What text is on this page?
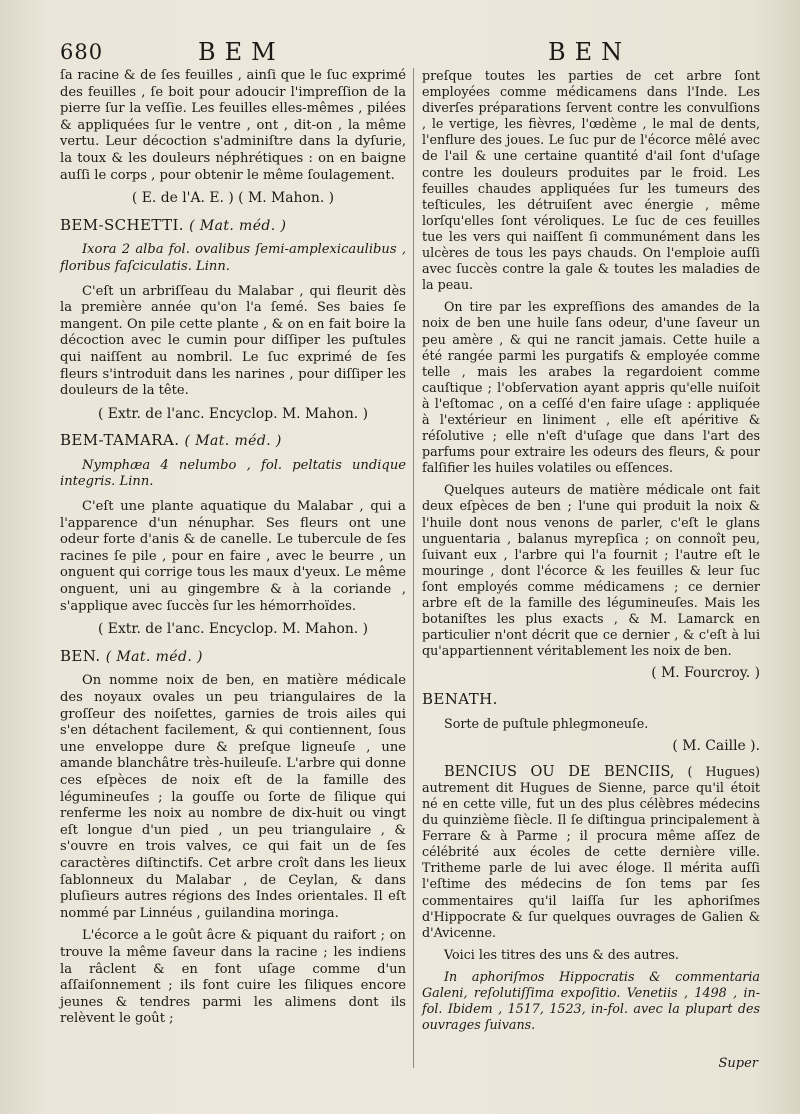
680	BEM	BEN

ſa racine & de ſes feuilles , ainſi que le ſuc exprimé des feuilles , ſe boit pour adoucir l'impreſſion de la pierre ſur la veſſie. Les feuilles elles-mêmes , pilées & appliquées ſur le ventre , ont , dit-on , la même vertu. Leur décoction s'adminiſtre dans la dyſurie, la toux & les douleurs néphrétiques : on en baigne auſſi le corps , pour obtenir le même ſoulagement.

( E. de l'A. E. ) ( M. Mahon. )

BEM-SCHETTI. ( Mat. méd. )

Ixora 2 alba fol. ovalibus ſemi-amplexicaulibus , floribus faſciculatis. Linn.

C'eſt un arbriſſeau du Malabar , qui fleurit dès la première année qu'on l'a ſemé. Ses baies ſe mangent. On pile cette plante , & on en fait boire la décoction avec le cumin pour diſſiper les puſtules qui naiſſent au nombril. Le ſuc exprimé de ſes fleurs s'introduit dans les narines , pour diſſiper les douleurs de la tête.

( Extr. de l'anc. Encyclop. M. Mahon. )

BEM-TAMARA. ( Mat. méd. )

Nymphæa 4 nelumbo , fol. peltatis undique integris. Linn.

C'eſt une plante aquatique du Malabar , qui a l'apparence d'un nénuphar. Ses fleurs ont une odeur forte d'anis & de canelle. Le tubercule de ſes racines ſe pile , pour en faire , avec le beurre , un onguent qui corrige tous les maux d'yeux. Le même onguent, uni au gingembre & à la coriande , s'applique avec ſuccès ſur les hémorrhoïdes.

( Extr. de l'anc. Encyclop. M. Mahon. )

BEN. ( Mat. méd. )

On nomme noix de ben, en matière médicale des noyaux ovales un peu triangulaires de la groſſeur des noiſettes, garnies de trois ailes qui s'en détachent facilement, & qui contiennent, ſous une enveloppe dure & preſque ligneuſe , une amande blanchâtre très-huileuſe. L'arbre qui donne ces eſpèces de noix eſt de la famille des légumineuſes ; la gouſſe ou ſorte de ſilique qui renferme les noix au nombre de dix-huit ou vingt eſt longue d'un pied , un peu triangulaire , & s'ouvre en trois valves, ce qui fait un de ſes caractères diſtinctifs. Cet arbre croît dans les lieux ſablonneux du Malabar , de Ceylan, & dans pluſieurs autres régions des Indes orientales. Il eſt nommé par Linnéus , guilandina moringa.

L'écorce a le goût âcre & piquant du raifort ; on trouve la même ſaveur dans la racine ; les indiens la râclent & en font uſage comme d'un aſſaiſonnement ; ils font cuire les ſiliques encore jeunes & tendres parmi les alimens dont ils relèvent le goût ;

preſque toutes les parties de cet arbre ſont employées comme médicamens dans l'Inde. Les diverſes préparations ſervent contre les convulſions , le vertige, les fièvres, l'œdème , le mal de dents, l'enflure des joues. Le ſuc pur de l'écorce mêlé avec de l'ail & une certaine quantité d'ail ſont d'uſage contre les douleurs produites par le froid. Les feuilles chaudes appliquées ſur les tumeurs des teſticules, les détruiſent avec énergie , même lorſqu'elles ſont véroliques. Le ſuc de ces feuilles tue les vers qui naiſſent ſi communément dans les ulcères de tous les pays chauds. On l'emploie auſſi avec ſuccès contre la gale & toutes les maladies de la peau.

On tire par les expreſſions des amandes de la noix de ben une huile ſans odeur, d'une ſaveur un peu amère , & qui ne rancit jamais. Cette huile a été rangée parmi les purgatifs & employée comme telle , mais les arabes la regardoient comme cauſtique ; l'obſervation ayant appris qu'elle nuiſoit à l'eſtomac , on a ceſſé d'en faire uſage : appliquée à l'extérieur en liniment , elle eſt apéritive & réſolutive ; elle n'eſt d'uſage que dans l'art des parfums pour extraire les odeurs des fleurs, & pour falſifier les huiles volatiles ou eſſences.

Quelques auteurs de matière médicale ont fait deux eſpèces de ben ; l'une qui produit la noix & l'huile dont nous venons de parler, c'eſt le glans unguentaria , balanus myrepſica ; on connoît peu, ſuivant eux , l'arbre qui l'a fournit ; l'autre eſt le mouringe , dont l'écorce & les feuilles & leur ſuc ſont employés comme médicamens ; ce dernier arbre eſt de la famille des légumineuſes. Mais les botaniſtes les plus exacts , & M. Lamarck en particulier n'ont décrit que ce dernier , & c'eſt à lui qu'appartiennent véritablement les noix de ben.

( M. Fourcroy. )

BENATH.

Sorte de puſtule phlegmoneuſe.

( M. Caille ).

BENCIUS OU DE BENCIIS, ( Hugues) autrement dit Hugues de Sienne, parce qu'il étoit né en cette ville, fut un des plus célèbres médecins du quinzième ſiècle. Il ſe diſtingua principalement à Ferrare & à Parme ; il procura même aſſez de célébrité aux écoles de cette dernière ville. Tritheme parle de lui avec éloge. Il mérita auſſi l'eſtime des médecins de ſon tems par ſes commentaires qu'il laiſſa ſur les aphoriſmes d'Hippocrate & ſur quelques ouvrages de Galien & d'Avicenne.

Voici les titres des uns & des autres.

In aphoriſmos Hippocratis & commentaria Galeni, reſolutiſſima expoſitio. Venetiis , 1498 , in-fol. Ibidem , 1517, 1523, in-fol. avec la plupart des ouvrages ſuivans.

Super
